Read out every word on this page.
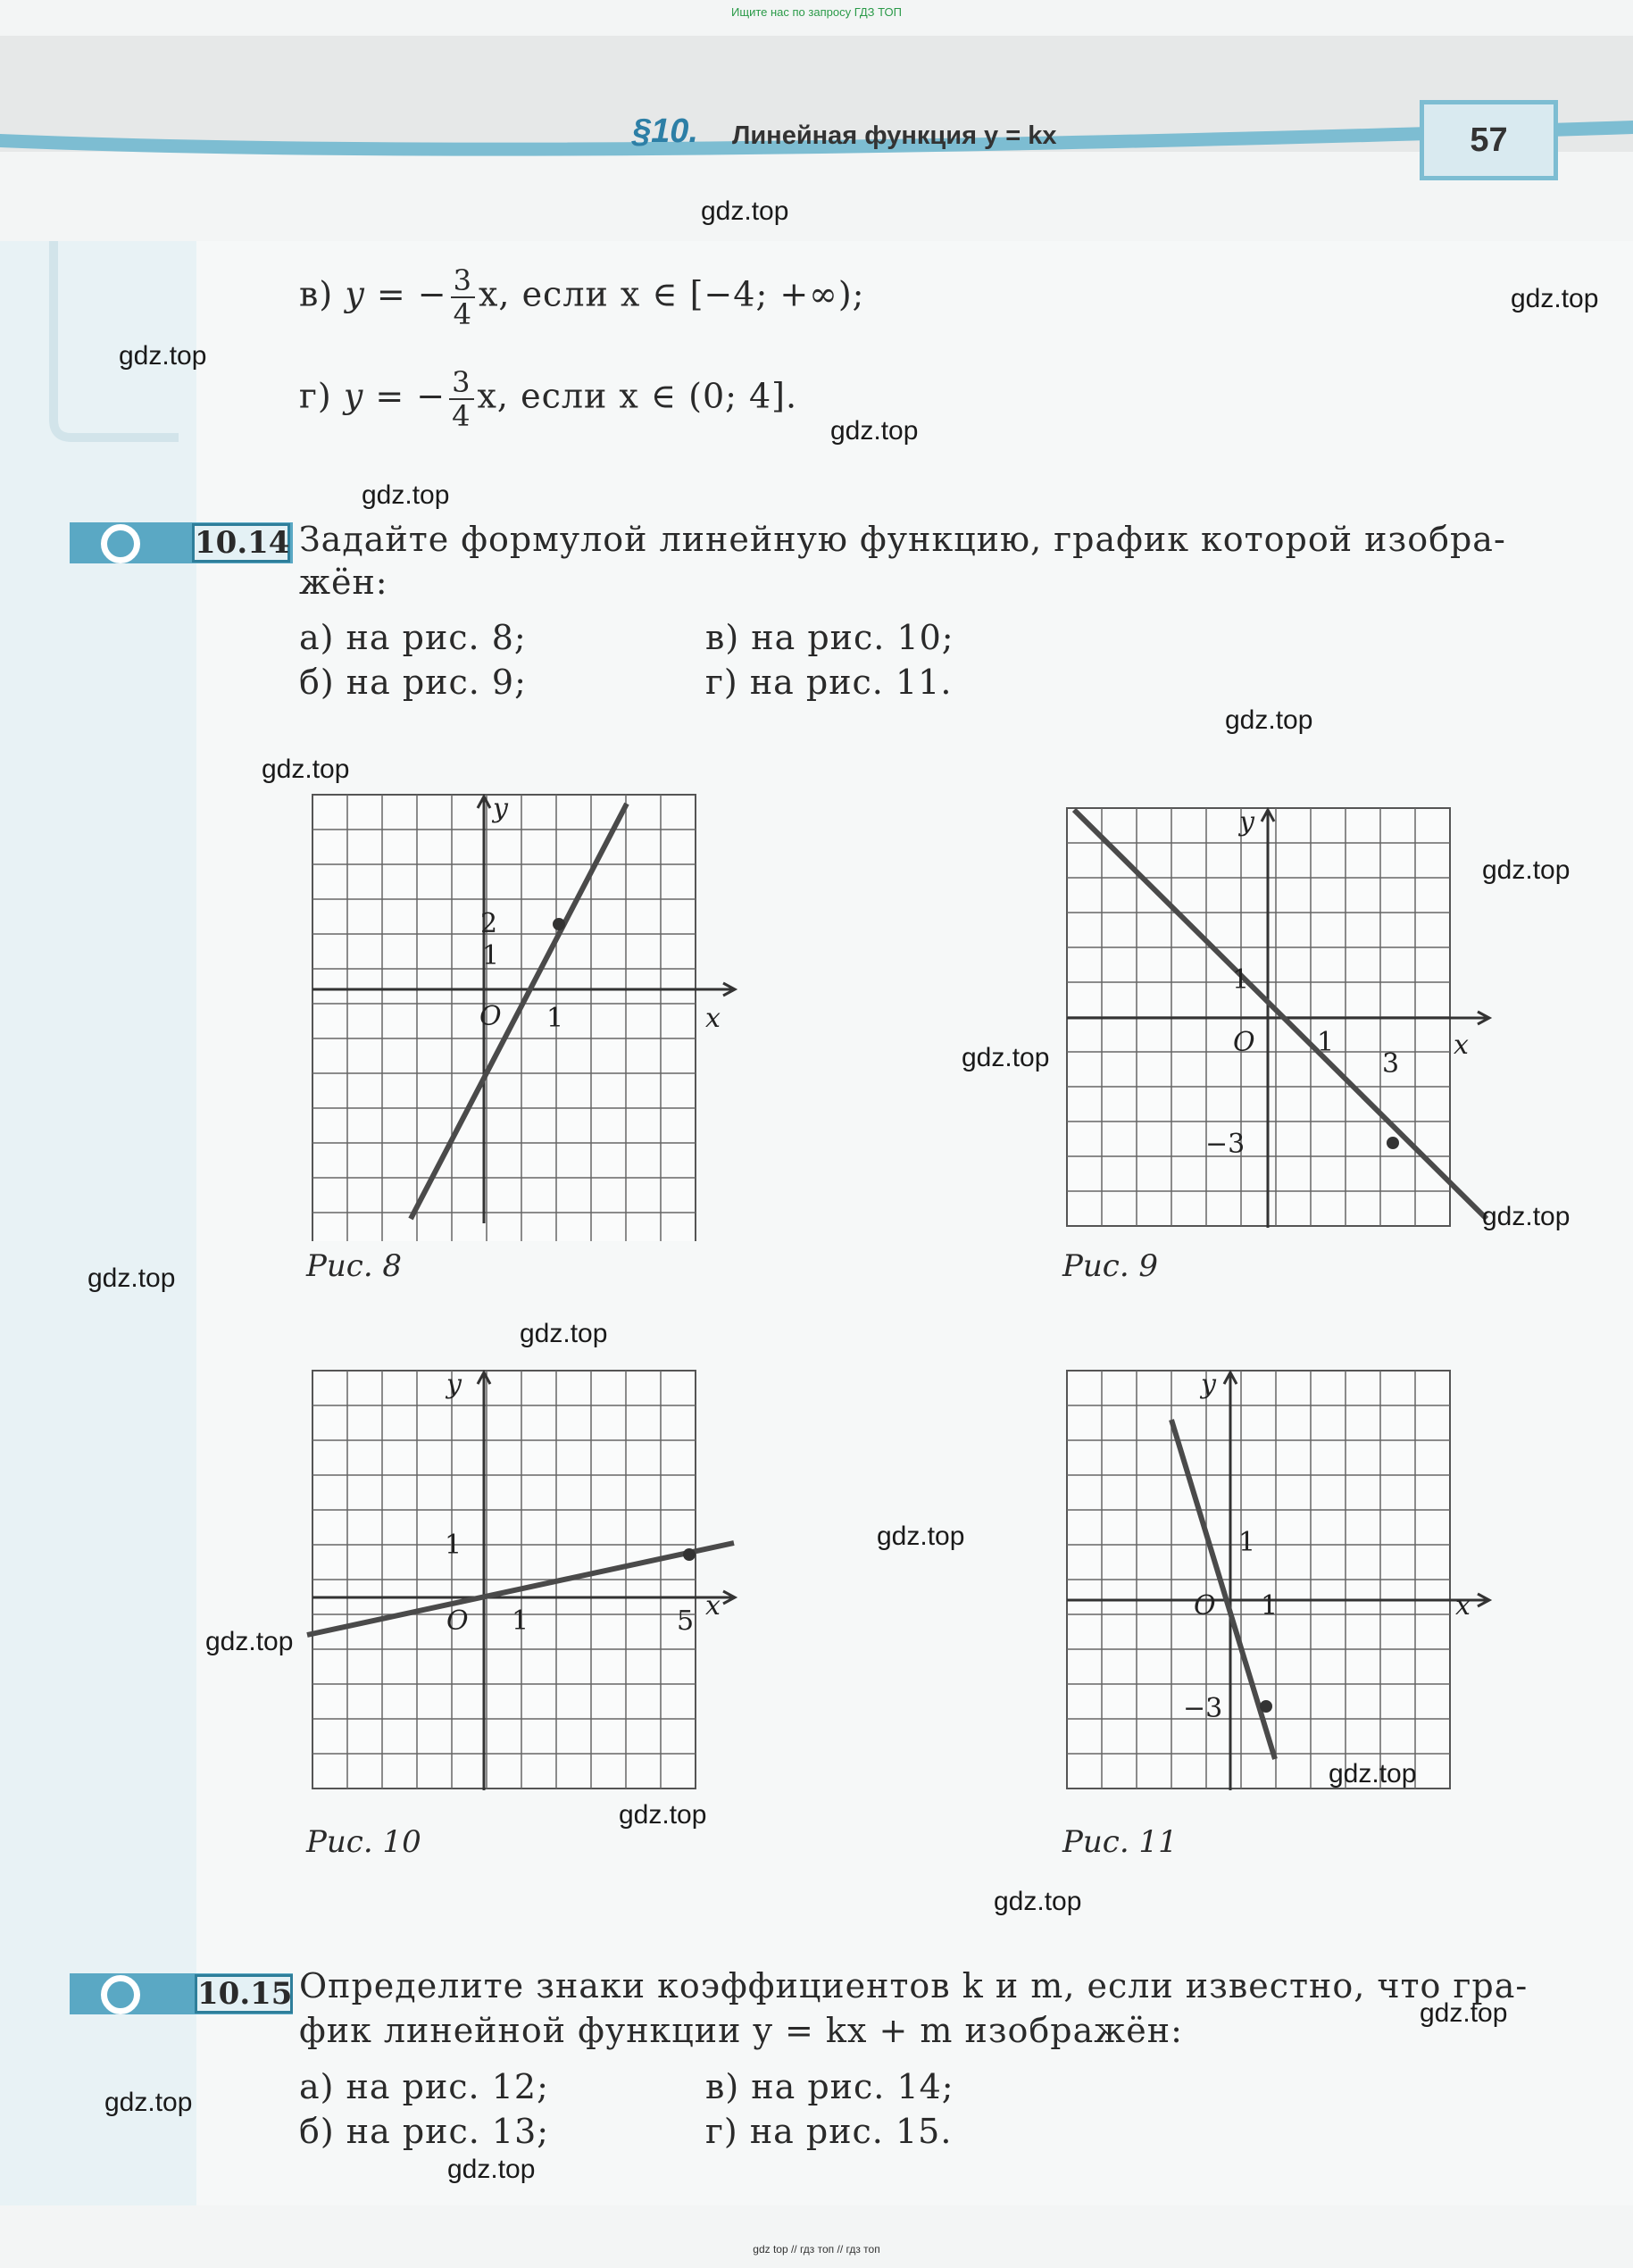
Ищите нас по запросу ГДЗ ТОП
§10. Линейная функция y = kx	57
в) y = − $\frac{3}{4} x$, если x ∈ [−4; +∞);
г) y = − $\frac{3}{4} x$, если x ∈ (0; 4].
10.14 Задайте формулой линейную функцию, график которой изобра-
жён:
а) на рис. 8;
б) на рис. 9;
в) на рис. 10;
г) на рис. 11.
y
x
O 1
1
2
Рис. 8
y
x
O 1
1
3
−3
Рис. 9
y
x
O 1
1
5
Рис. 10
y
x
O 1
1
−3
Рис. 11
10.15 Определите знаки коэффициентов k и m, если известно, что гра-
фик линейной функции y = kx + m изображён:
а) на рис. 12;
б) на рис. 13;
в) на рис. 14;
г) на рис. 15.
gdz.top
gdz.top
gdz.top
gdz.top
gdz.top
gdz.top
gdz.top
gdz.top
gdz.top
gdz.top
gdz.top
gdz.top
gdz.top
gdz.top
gdz.top
gdz.top
gdz.top
gdz.top
gdz.top
gdz.top
gdz top // гдз топ // гдз топ
